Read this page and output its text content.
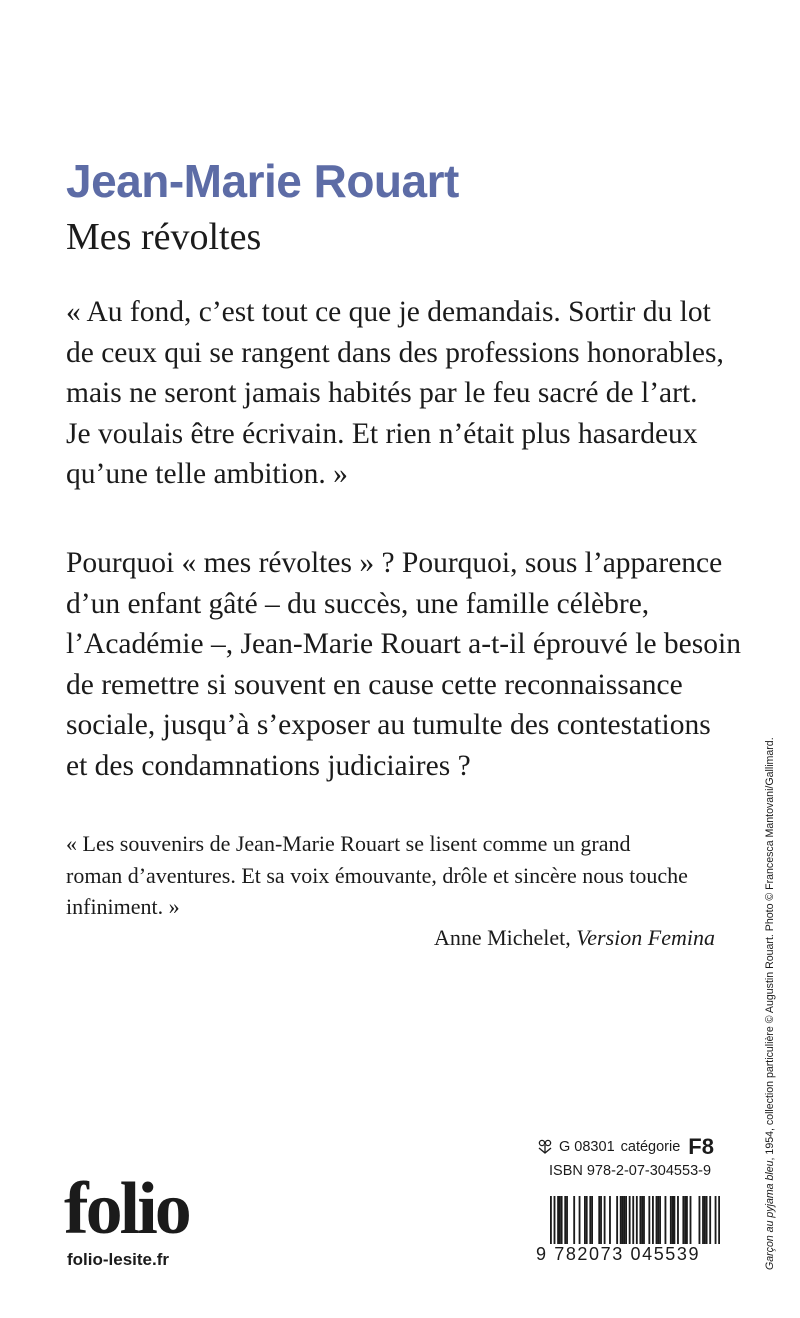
Jean-Marie Rouart
Mes révoltes

« Au fond, c’est tout ce que je demandais. Sortir du lot
de ceux qui se rangent dans des professions honorables,
mais ne seront jamais habités par le feu sacré de l’art.
Je voulais être écrivain. Et rien n’était plus hasardeux
qu’une telle ambition. »

Pourquoi « mes révoltes » ? Pourquoi, sous l’apparence
d’un enfant gâté – du succès, une famille célèbre,
l’Académie –, Jean-Marie Rouart a-t-il éprouvé le besoin
de remettre si souvent en cause cette reconnaissance
sociale, jusqu’à s’exposer au tumulte des contestations
et des condamnations judiciaires ?

« Les souvenirs de Jean-Marie Rouart se lisent comme un grand
roman d’aventures. Et sa voix émouvante, drôle et sincère nous touche
infiniment. »

Anne Michelet, Version Femina

Garçon au pyjama bleu, 1954, collection particulière © Augustin Rouart. Photo © Francesca Mantovani/Gallimard.
G 08301 catégorie F8
ISBN 978-2-07-304553-9
9 782073 045539
folio
folio-lesite.fr
